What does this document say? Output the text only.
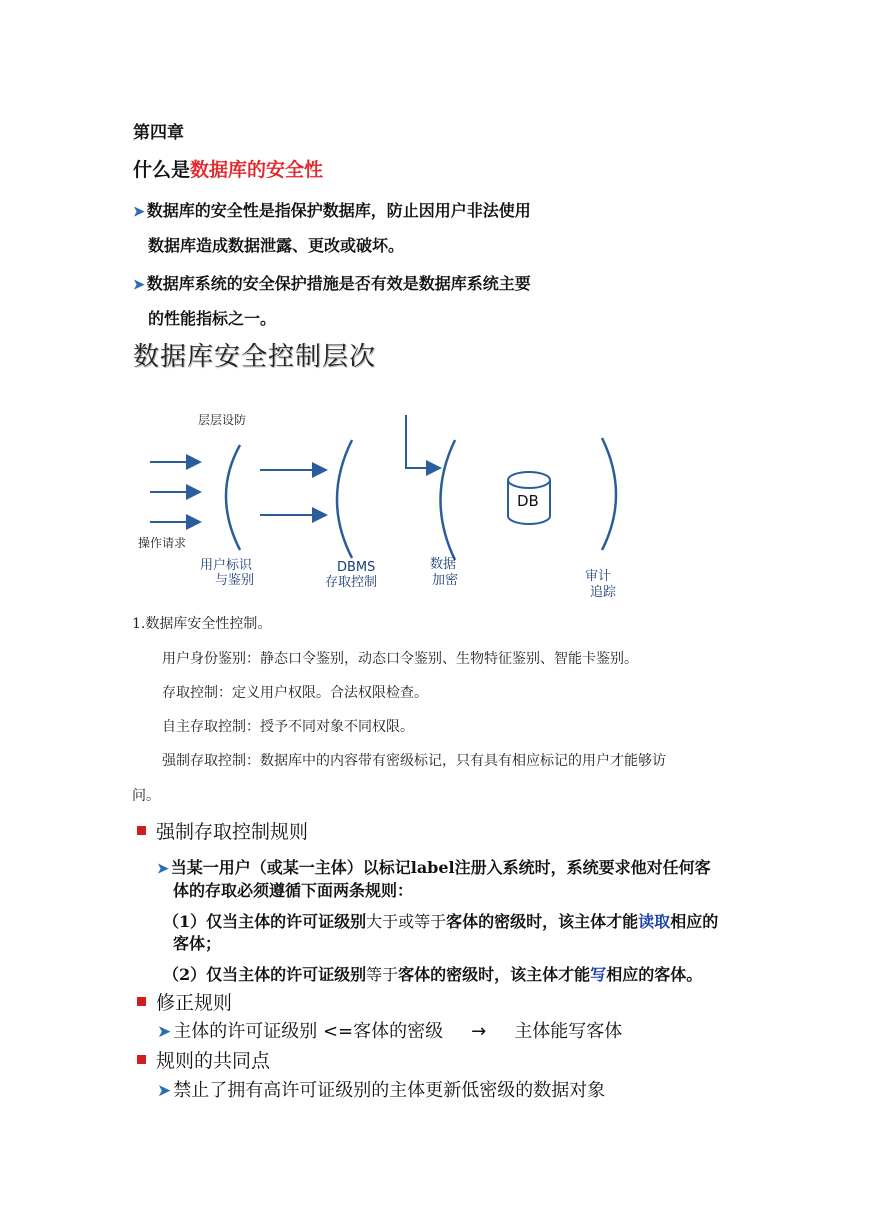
第四章
什么是数据库的安全性
➤ 数据库的安全性是指保护数据库，防止因用户非法使用
数据库造成数据泄露、更改或破坏。
➤ 数据库系统的安全保护措施是否有效是数据库系统主要
的性能指标之一。
数据库安全控制层次
层层设防
操作请求
DB
用户标识
与鉴别
DBMS
存取控制
数据
加密	审计
追踪
1.数据库安全性控制。
用户身份鉴别：静态口令鉴别，动态口令鉴别、生物特征鉴别、智能卡鉴别。
存取控制：定义用户权限。合法权限检查。
自主存取控制：授予不同对象不同权限。
强制存取控制：数据库中的内容带有密级标记，只有具有相应标记的用户才能够访
问。
强制存取控制规则
➤ 当某一用户（或某一主体）以标记label注册入系统时，系统要求他对任何客
体的存取必须遵循下面两条规则：
（1）仅当主体的许可证级别大于或等于客体的密级时，该主体才能读取相应的
客体；
（2）仅当主体的许可证级别等于客体的密级时，该主体才能写相应的客体。
修正规则
➤ 主体的许可证级别 <=客体的密级 → 主体能写客体
规则的共同点
➤ 禁止了拥有高许可证级别的主体更新低密级的数据对象
